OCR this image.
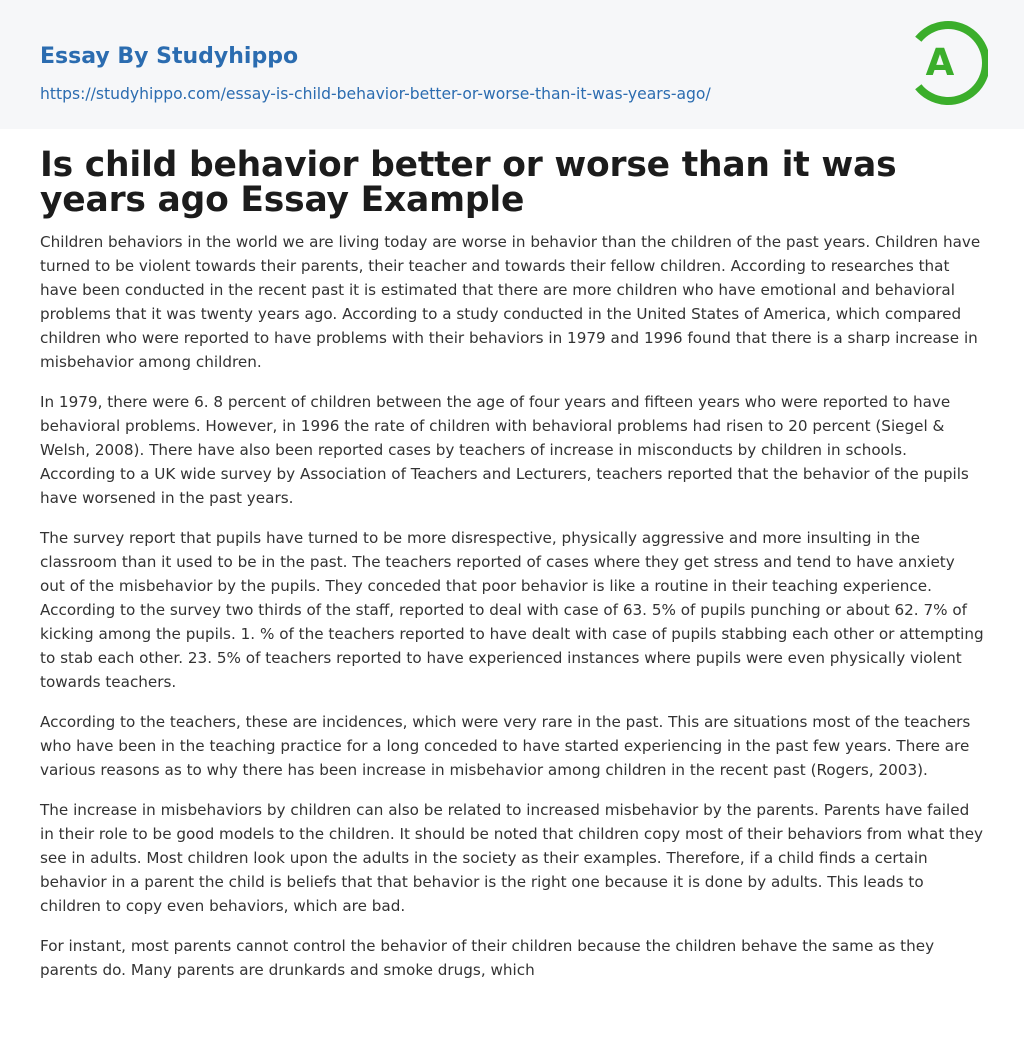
Essay By Studyhippo
https://studyhippo.com/essay-is-child-behavior-better-or-worse-than-it-was-years-ago/
A
Is child behavior better or worse than it was years ago Essay Example

Children behaviors in the world we are living today are worse in behavior than the children of the past years. Children have turned to be violent towards their parents, their teacher and towards their fellow children. According to researches that have been conducted in the recent past it is estimated that there are more children who have emotional and behavioral problems that it was twenty years ago. According to a study conducted in the United States of America, which compared children who were reported to have problems with their behaviors in 1979 and 1996 found that there is a sharp increase in misbehavior among children.

In 1979, there were 6. 8 percent of children between the age of four years and fifteen years who were reported to have behavioral problems. However, in 1996 the rate of children with behavioral problems had risen to 20 percent (Siegel & Welsh, 2008). There have also been reported cases by teachers of increase in misconducts by children in schools. According to a UK wide survey by Association of Teachers and Lecturers, teachers reported that the behavior of the pupils have worsened in the past years.

The survey report that pupils have turned to be more disrespective, physically aggressive and more insulting in the classroom than it used to be in the past. The teachers reported of cases where they get stress and tend to have anxiety out of the misbehavior by the pupils. They conceded that poor behavior is like a routine in their teaching experience. According to the survey two thirds of the staff, reported to deal with case of 63. 5% of pupils punching or about 62. 7% of kicking among the pupils. 1. % of the teachers reported to have dealt with case of pupils stabbing each other or attempting to stab each other. 23. 5% of teachers reported to have experienced instances where pupils were even physically violent towards teachers.

According to the teachers, these are incidences, which were very rare in the past. This are situations most of the teachers who have been in the teaching practice for a long conceded to have started experiencing in the past few years. There are various reasons as to why there has been increase in misbehavior among children in the recent past (Rogers, 2003).

The increase in misbehaviors by children can also be related to increased misbehavior by the parents. Parents have failed in their role to be good models to the children. It should be noted that children copy most of their behaviors from what they see in adults. Most children look upon the adults in the society as their examples. Therefore, if a child finds a certain behavior in a parent the child is beliefs that that behavior is the right one because it is done by adults. This leads to children to copy even behaviors, which are bad.

For instant, most parents cannot control the behavior of their children because the children behave the same as they parents do. Many parents are drunkards and smoke drugs, which
